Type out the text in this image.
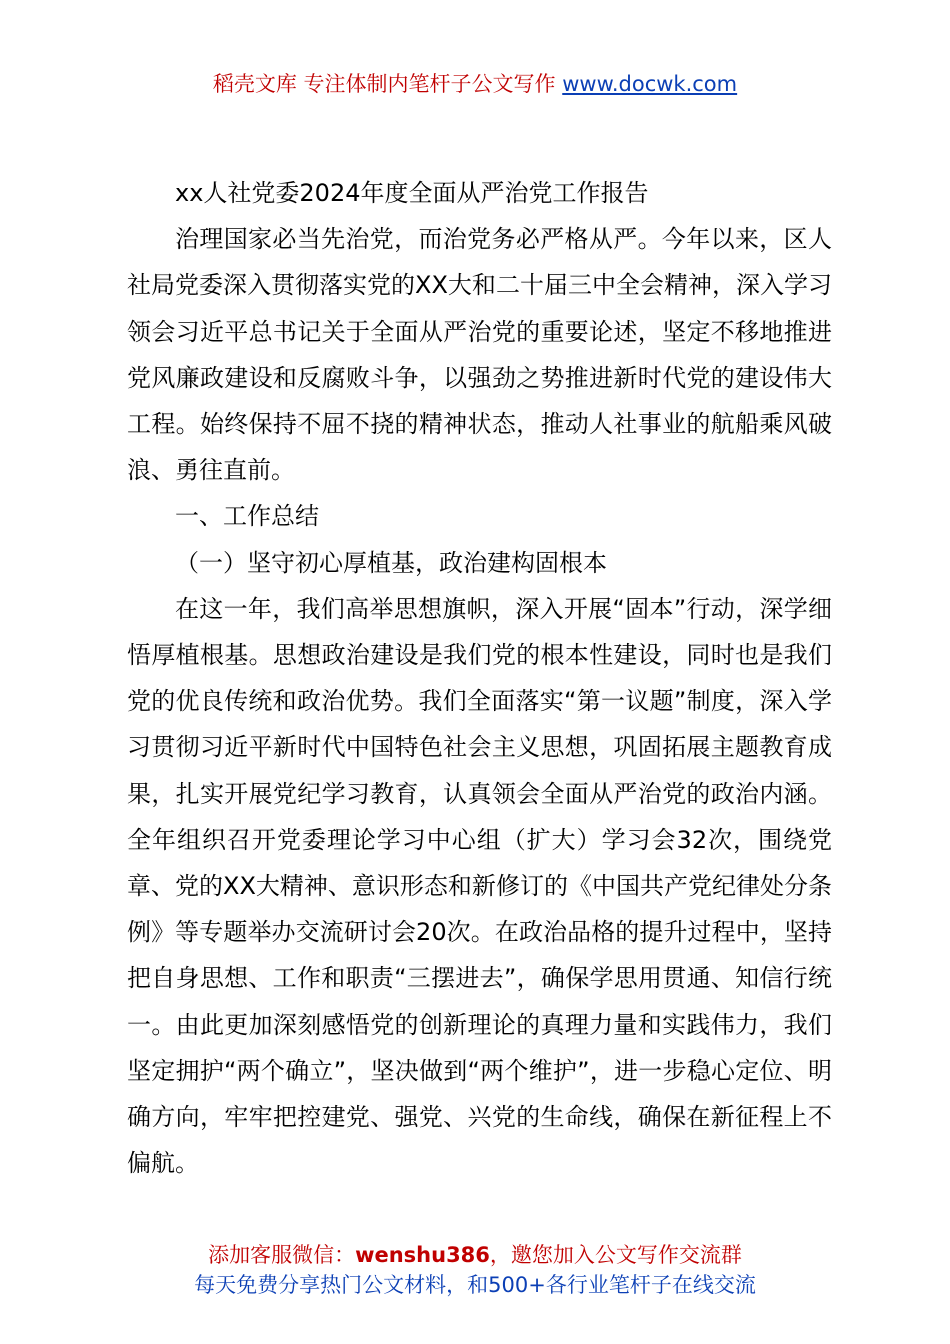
稻壳文库 专注体制内笔杆子公文写作 www.docwk.com

xx人社党委2024年度全面从严治党工作报告

治理国家必当先治党，而治党务必严格从严。今年以来，区人社局党委深入贯彻落实党的XX大和二十届三中全会精神，深入学习领会习近平总书记关于全面从严治党的重要论述，坚定不移地推进党风廉政建设和反腐败斗争，以强劲之势推进新时代党的建设伟大工程。始终保持不屈不挠的精神状态，推动人社事业的航船乘风破浪、勇往直前。

一、工作总结

（一）坚守初心厚植基，政治建构固根本

在这一年，我们高举思想旗帜，深入开展“固本”行动，深学细悟厚植根基。思想政治建设是我们党的根本性建设，同时也是我们党的优良传统和政治优势。我们全面落实“第一议题”制度，深入学习贯彻习近平新时代中国特色社会主义思想，巩固拓展主题教育成果，扎实开展党纪学习教育，认真领会全面从严治党的政治内涵。全年组织召开党委理论学习中心组（扩大）学习会32次，围绕党章、党的XX大精神、意识形态和新修订的《中国共产党纪律处分条例》等专题举办交流研讨会20次。在政治品格的提升过程中，坚持把自身思想、工作和职责“三摆进去”，确保学思用贯通、知信行统一。由此更加深刻感悟党的创新理论的真理力量和实践伟力，我们坚定拥护“两个确立”，坚决做到“两个维护”，进一步稳心定位、明确方向，牢牢把控建党、强党、兴党的生命线，确保在新征程上不偏航。

添加客服微信：wenshu386，邀您加入公文写作交流群
每天免费分享热门公文材料，和500+各行业笔杆子在线交流
